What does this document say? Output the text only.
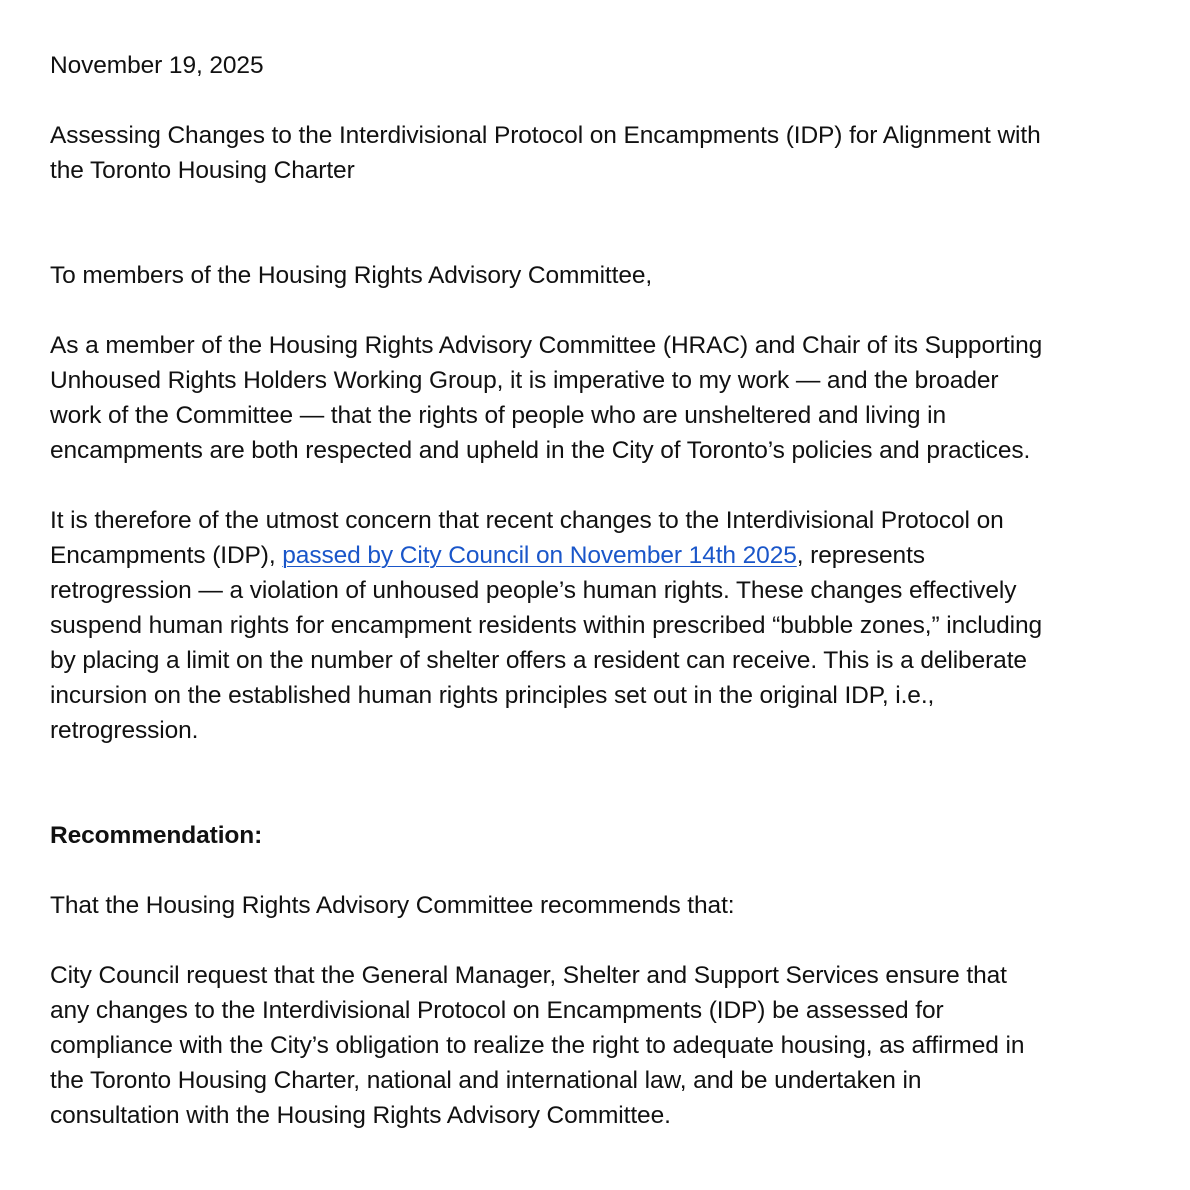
November 19, 2025

Assessing Changes to the Interdivisional Protocol on Encampments (IDP) for Alignment with
the Toronto Housing Charter

To members of the Housing Rights Advisory Committee,

As a member of the Housing Rights Advisory Committee (HRAC) and Chair of its Supporting
Unhoused Rights Holders Working Group, it is imperative to my work — and the broader
work of the Committee — that the rights of people who are unsheltered and living in
encampments are both respected and upheld in the City of Toronto’s policies and practices.

It is therefore of the utmost concern that recent changes to the Interdivisional Protocol on
Encampments (IDP), passed by City Council on November 14th 2025, represents
retrogression — a violation of unhoused people’s human rights. These changes effectively
suspend human rights for encampment residents within prescribed “bubble zones,” including
by placing a limit on the number of shelter offers a resident can receive. This is a deliberate
incursion on the established human rights principles set out in the original IDP, i.e.,
retrogression.

Recommendation:

That the Housing Rights Advisory Committee recommends that:

City Council request that the General Manager, Shelter and Support Services ensure that
any changes to the Interdivisional Protocol on Encampments (IDP) be assessed for
compliance with the City’s obligation to realize the right to adequate housing, as affirmed in
the Toronto Housing Charter, national and international law, and be undertaken in
consultation with the Housing Rights Advisory Committee.
